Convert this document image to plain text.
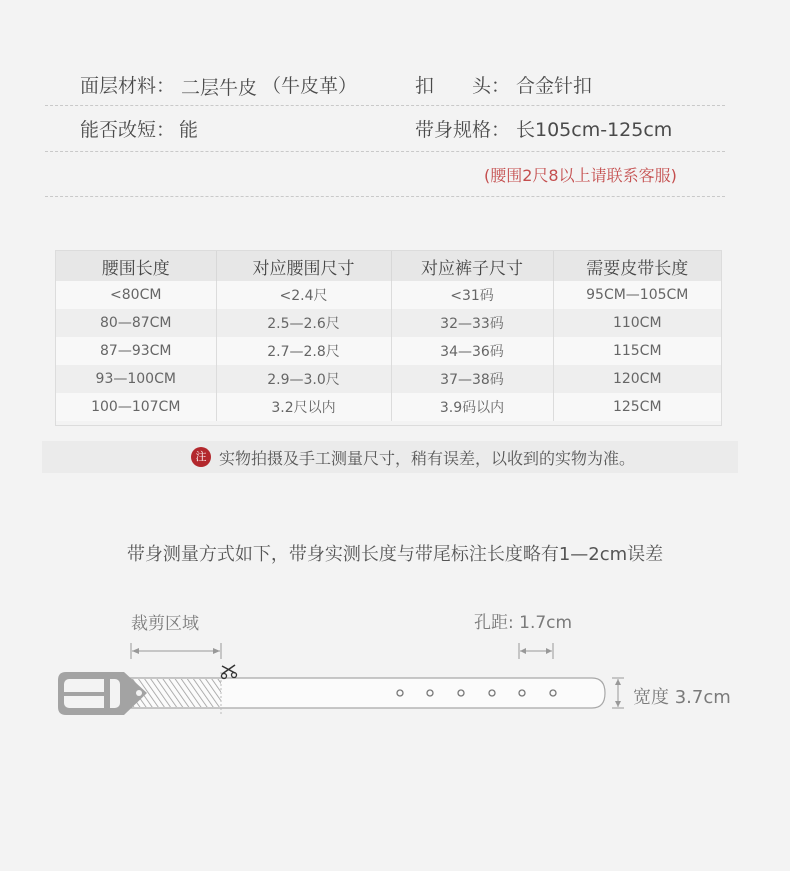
面层材料： 二层牛皮 （牛皮革）	扣　　头： 合金针扣
能否改短： 能	带身规格： 长105cm-125cm
(腰围2尺8以上请联系客服)
腰围长度	对应腰围尺寸	对应裤子尺寸	需要皮带长度
<80CM	<2.4尺	<31码	95CM—105CM
80—87CM	2.5—2.6尺	32—33码	110CM
87—93CM	2.7—2.8尺	34—36码	115CM
93—100CM	2.9—3.0尺	37—38码	120CM
100—107CM	3.2尺以内	3.9码以内	125CM
注 实物拍摄及手工测量尺寸，稍有误差，以收到的实物为准。
带身测量方式如下，带身实测长度与带尾标注长度略有1—2cm误差
裁剪区域	孔距: 1.7cm
宽度 3.7cm
